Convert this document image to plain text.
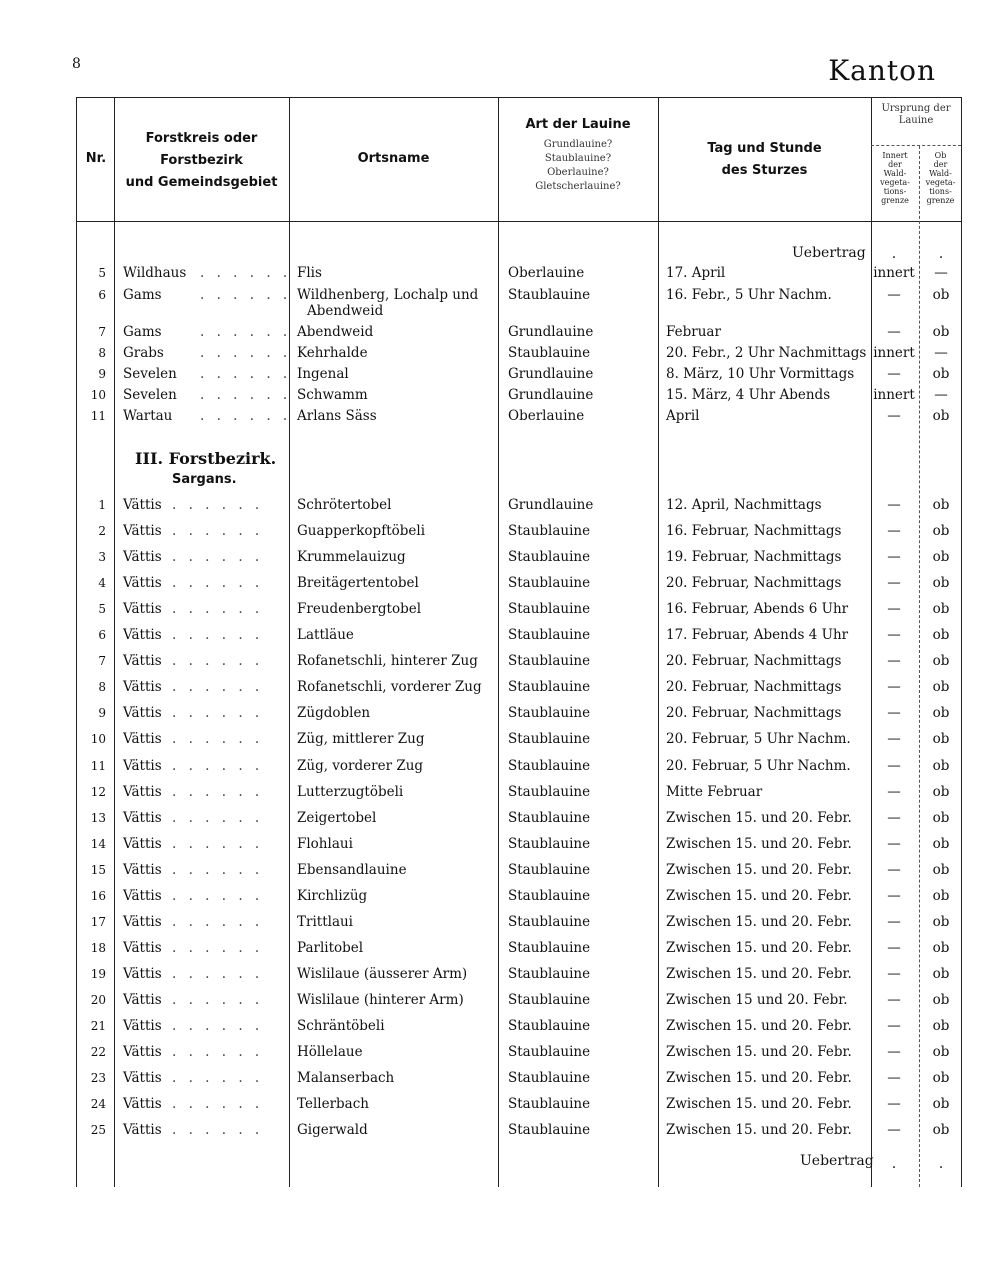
8	Kanton
Nr.
Forstkreis oder
Forstbezirk
und Gemeindsgebiet
Ortsname
Art der Lauine
Grundlauine?
Staublauine?
Oberlauine?
Gletscherlauine?
Tag und Stunde
des Sturzes
Ursprung der
Lauine
Innert
der
Wald-
vegeta-
tions-
grenze
Ob
der
Wald-
vegeta-
tions-
grenze
Uebertrag	.	.
III. Forstbezirk.
Sargans.
5 Wildhaus	Flis	Oberlauine	17. April	innert	—
. . . . . .
6 Gams	Wildhenberg, Lochalp und
Abendweid
Staublauine	16. Febr., 5 Uhr Nachm.	—	ob
. . . . . .
7 Gams	Abendweid	Grundlauine	Februar	—	ob
. . . . . .
8 Grabs	Kehrhalde	Staublauine	20. Febr., 2 Uhr Nachmittags innert	—
. . . . . .
9 Sevelen	Ingenal	Grundlauine	8. März, 10 Uhr Vormittags	—	ob
. . . . . .
10 Sevelen	Schwamm	Grundlauine	15. März, 4 Uhr Abends	innert	—
. . . . . .
11 Wartau	Arlans Säss	Oberlauine	April	—	ob
. . . . . .
1 Vättis	Schrötertobel	Grundlauine	12. April, Nachmittags	—	ob
. . . . . .
2 Vättis	Guapperkopftöbeli	Staublauine	16. Februar, Nachmittags	—	ob
. . . . . .
3 Vättis	Krummelauizug	Staublauine	19. Februar, Nachmittags	—	ob
. . . . . .
4 Vättis	Breitägertentobel	Staublauine	20. Februar, Nachmittags	—	ob
. . . . . .
5 Vättis	Freudenbergtobel	Staublauine	16. Februar, Abends 6 Uhr	—	ob
. . . . . .
6 Vättis	Lattläue	Staublauine	17. Februar, Abends 4 Uhr	—	ob
. . . . . .
7 Vättis	Rofanetschli, hinterer Zug Staublauine	20. Februar, Nachmittags	—	ob
. . . . . .
8 Vättis	Rofanetschli, vorderer Zug Staublauine	20. Februar, Nachmittags	—	ob
. . . . . .
9 Vättis	Zügdoblen	Staublauine	20. Februar, Nachmittags	—	ob
. . . . . .
10 Vättis	Züg, mittlerer Zug	Staublauine	20. Februar, 5 Uhr Nachm.	—	ob
. . . . . .
11 Vättis	Züg, vorderer Zug	Staublauine	20. Februar, 5 Uhr Nachm.	—	ob
. . . . . .
12 Vättis	Lutterzugtöbeli	Staublauine	Mitte Februar	—	ob
. . . . . .
13 Vättis	Zeigertobel	Staublauine	Zwischen 15. und 20. Febr.	—	ob
. . . . . .
14 Vättis	Flohlaui	Staublauine	Zwischen 15. und 20. Febr.	—	ob
. . . . . .
15 Vättis	Ebensandlauine	Staublauine	Zwischen 15. und 20. Febr.	—	ob
. . . . . .
16 Vättis	Kirchlizüg	Staublauine	Zwischen 15. und 20. Febr.	—	ob
. . . . . .
17 Vättis	Trittlaui	Staublauine	Zwischen 15. und 20. Febr.	—	ob
. . . . . .
18 Vättis	Parlitobel	Staublauine	Zwischen 15. und 20. Febr.	—	ob
. . . . . .
19 Vättis	Wislilaue (äusserer Arm)	Staublauine	Zwischen 15. und 20. Febr.	—	ob
. . . . . .
20 Vättis	Wislilaue (hinterer Arm)	Staublauine	Zwischen 15 und 20. Febr.	—	ob
. . . . . .
21 Vättis	Schräntöbeli	Staublauine	Zwischen 15. und 20. Febr.	—	ob
. . . . . .
22 Vättis	Höllelaue	Staublauine	Zwischen 15. und 20. Febr.	—	ob
. . . . . .
23 Vättis	Malanserbach	Staublauine	Zwischen 15. und 20. Febr.	—	ob
. . . . . .
24 Vättis	Tellerbach	Staublauine	Zwischen 15. und 20. Febr.	—	ob
. . . . . .
25 Vättis	Gigerwald	Staublauine	Zwischen 15. und 20. Febr.	—	ob
. . . . . .
Uebertrag	.	.
